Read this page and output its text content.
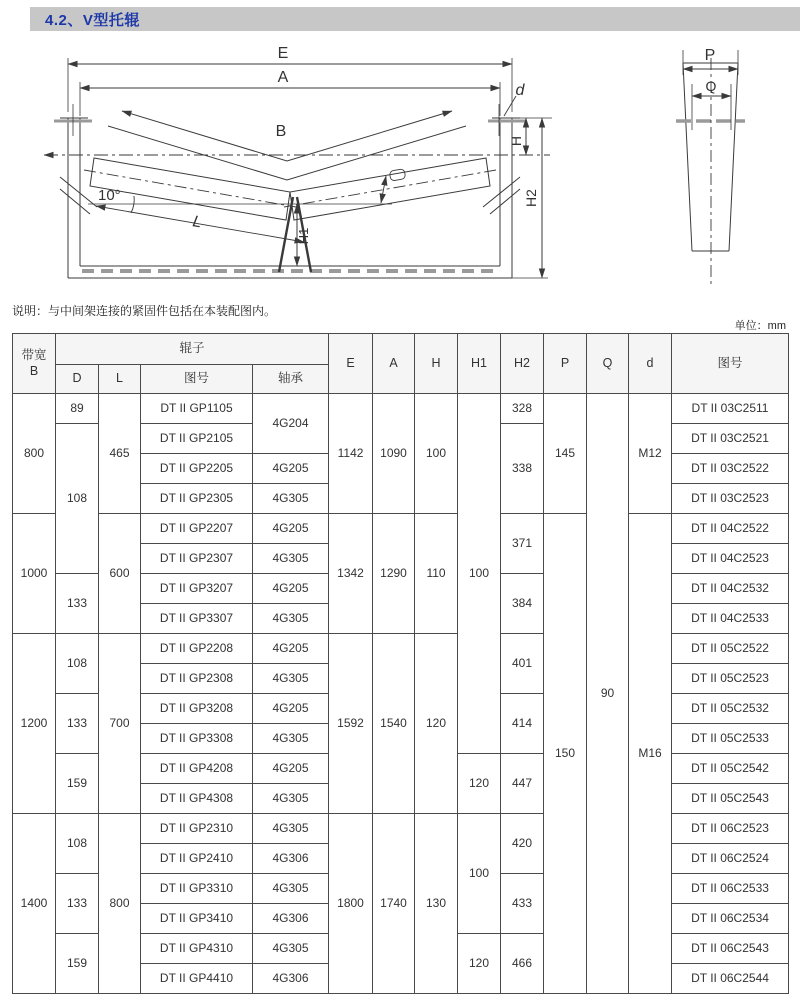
4.2、V型托辊
E
A
B
d
H
H2
H1
L
10°
P
Q
说明：与中间架连接的紧固件包括在本装配图内。
单位：mm
带宽
B	辊子				E	A	H	H1	H2	P	Q	d	图号
	D	L	图号	轴承									
800	89	465	DT II GP1105	4G204	1142	1090	100	100	328	145	90	M12	DT II 03C2511
	108		DT II GP2105						338				DT II 03C2521
			DT II GP2205	4G205									DT II 03C2522
			DT II GP2305	4G305									DT II 03C2523
1000		600	DT II GP2207	4G205	1342	1290	110		371	150		M16	DT II 04C2522
			DT II GP2307	4G305									DT II 04C2523
	133		DT II GP3207	4G205					384				DT II 04C2532
			DT II GP3307	4G305									DT II 04C2533
1200	108	700	DT II GP2208	4G205	1592	1540	120		401				DT II 05C2522
			DT II GP2308	4G305									DT II 05C2523
	133		DT II GP3208	4G205					414				DT II 05C2532
			DT II GP3308	4G305									DT II 05C2533
	159		DT II GP4208	4G205				120	447				DT II 05C2542
			DT II GP4308	4G305									DT II 05C2543
1400	108	800	DT II GP2310	4G305	1800	1740	130	100	420				DT II 06C2523
			DT II GP2410	4G306									DT II 06C2524
	133		DT II GP3310	4G305					433				DT II 06C2533
			DT II GP3410	4G306									DT II 06C2534
	159		DT II GP4310	4G305				120	466				DT II 06C2543
			DT II GP4410	4G306									DT II 06C2544
